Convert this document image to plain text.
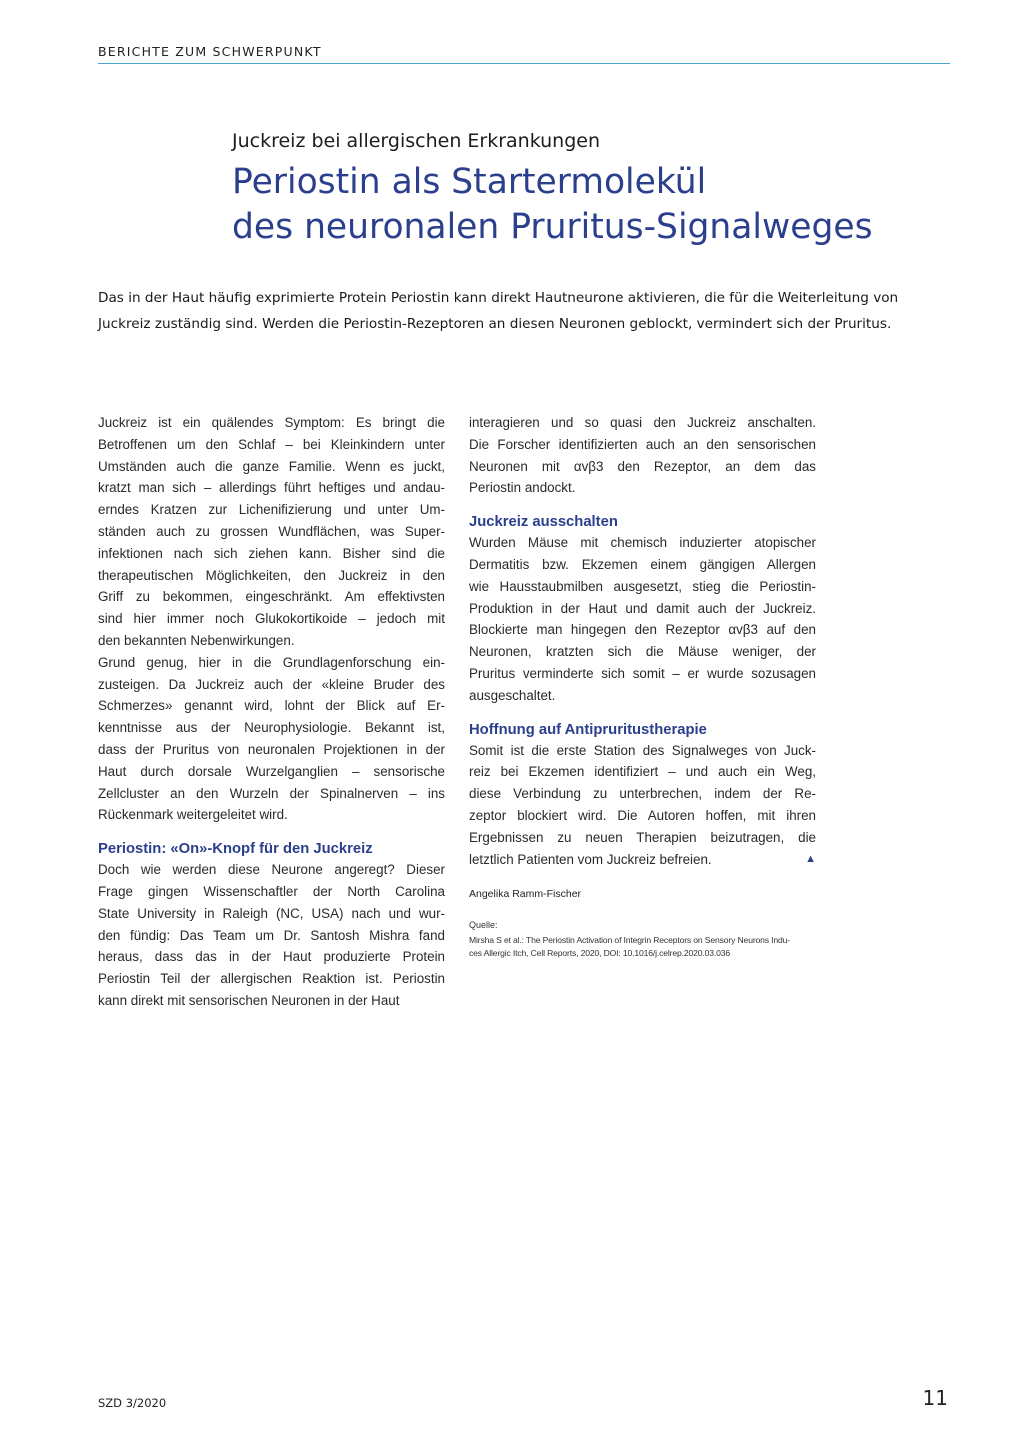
BERICHTE ZUM SCHWERPUNKT
Juckreiz bei allergischen Erkrankungen
Periostin als Startermolekül
des neuronalen Pruritus-Signalweges

Das in der Haut häufig exprimierte Protein Periostin kann direkt Hautneurone aktivieren, die für die Weiterleitung von
Juckreiz zuständig sind. Werden die Periostin-Rezeptoren an diesen Neuronen geblockt, vermindert sich der Pruritus.

Juckreiz ist ein quälendes Symptom: Es bringt die
Betroffenen um den Schlaf – bei Kleinkindern unter
Umständen auch die ganze Familie. Wenn es juckt,
kratzt man sich – allerdings führt heftiges und andau-
erndes Kratzen zur Lichenifizierung und unter Um-
ständen auch zu grossen Wundflächen, was Super-
infektionen nach sich ziehen kann. Bisher sind die
therapeutischen Möglichkeiten, den Juckreiz in den
Griff zu bekommen, eingeschränkt. Am effektivsten
sind hier immer noch Glukokortikoide – jedoch mit
den bekannten Nebenwirkungen.

Grund genug, hier in die Grundlagenforschung ein-
zusteigen. Da Juckreiz auch der «kleine Bruder des
Schmerzes» genannt wird, lohnt der Blick auf Er-
kenntnisse aus der Neurophysiologie. Bekannt ist,
dass der Pruritus von neuronalen Projektionen in der
Haut durch dorsale Wurzelganglien – sensorische
Zellcluster an den Wurzeln der Spinalnerven – ins
Rückenmark weitergeleitet wird.

Periostin: «On»-Knopf für den Juckreiz

Doch wie werden diese Neurone angeregt? Dieser
Frage gingen Wissenschaftler der North Carolina
State University in Raleigh (NC, USA) nach und wur-
den fündig: Das Team um Dr. Santosh Mishra fand
heraus, dass das in der Haut produzierte Protein
Periostin Teil der allergischen Reaktion ist. Periostin
kann direkt mit sensorischen Neuronen in der Haut

interagieren und so quasi den Juckreiz anschalten.
Die Forscher identifizierten auch an den sensorischen
Neuronen mit αvβ3 den Rezeptor, an dem das
Periostin andockt.

Juckreiz ausschalten

Wurden Mäuse mit chemisch induzierter atopischer
Dermatitis bzw. Ekzemen einem gängigen Allergen
wie Hausstaubmilben ausgesetzt, stieg die Periostin-
Produktion in der Haut und damit auch der Juckreiz.
Blockierte man hingegen den Rezeptor αvβ3 auf den
Neuronen, kratzten sich die Mäuse weniger, der
Pruritus verminderte sich somit – er wurde sozusagen
ausgeschaltet.

Hoffnung auf Antipruritustherapie

Somit ist die erste Station des Signalweges von Juck-
reiz bei Ekzemen identifiziert – und auch ein Weg,
diese Verbindung zu unterbrechen, indem der Re-
zeptor blockiert wird. Die Autoren hoffen, mit ihren
Ergebnissen zu neuen Therapien beizutragen, die
letztlich Patienten vom Juckreiz befreien.	▲

Angelika Ramm-Fischer

Quelle:

Mirsha S et al.: The Periostin Activation of Integrin Receptors on Sensory Neurons Indu-
ces Allergic Itch, Cell Reports, 2020, DOI: 10.1016/j.celrep.2020.03.036

SZD 3/2020	11
